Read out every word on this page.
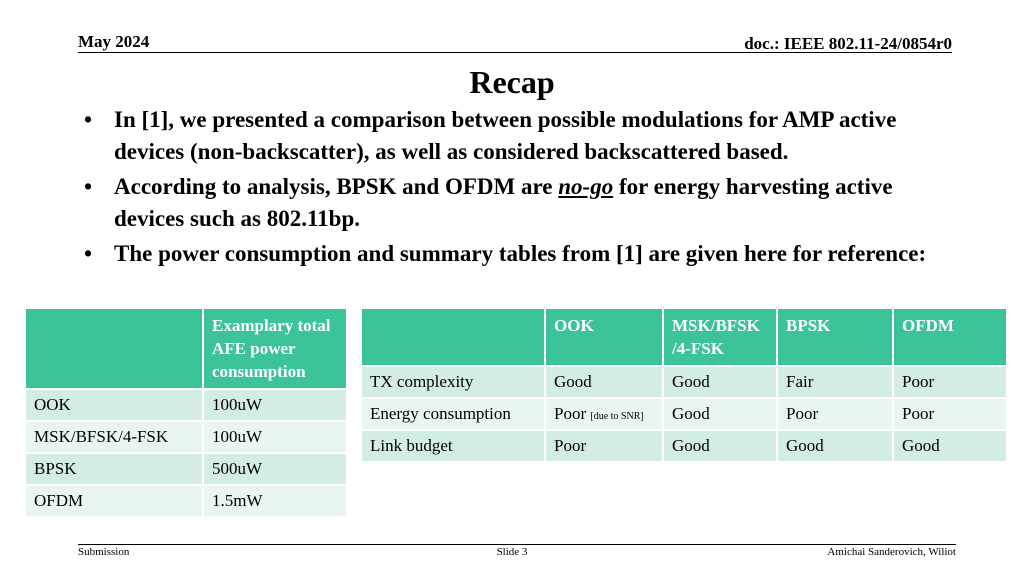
May 2024	doc.: IEEE 802.11-24/0854r0
Recap
• In [1], we presented a comparison between possible modulations for AMP active devices (non-backscatter), as well as considered backscattered based.
• According to analysis, BPSK and OFDM are no-go for energy harvesting active devices such as 802.11bp.
• The power consumption and summary tables from [1] are given here for reference:
	Examplary total AFE power consumption
OOK	100uW
MSK/BFSK/4-FSK	100uW
BPSK	500uW
OFDM	1.5mW
	OOK	MSK/BFSK /4-FSK	BPSK	OFDM
TX complexity	Good	Good	Fair	Poor
Energy consumption	Poor [due to SNR]	Good	Poor	Poor
Link budget	Poor	Good	Good	Good
Submission	Slide 3	Amichai Sanderovich, Wiliot
